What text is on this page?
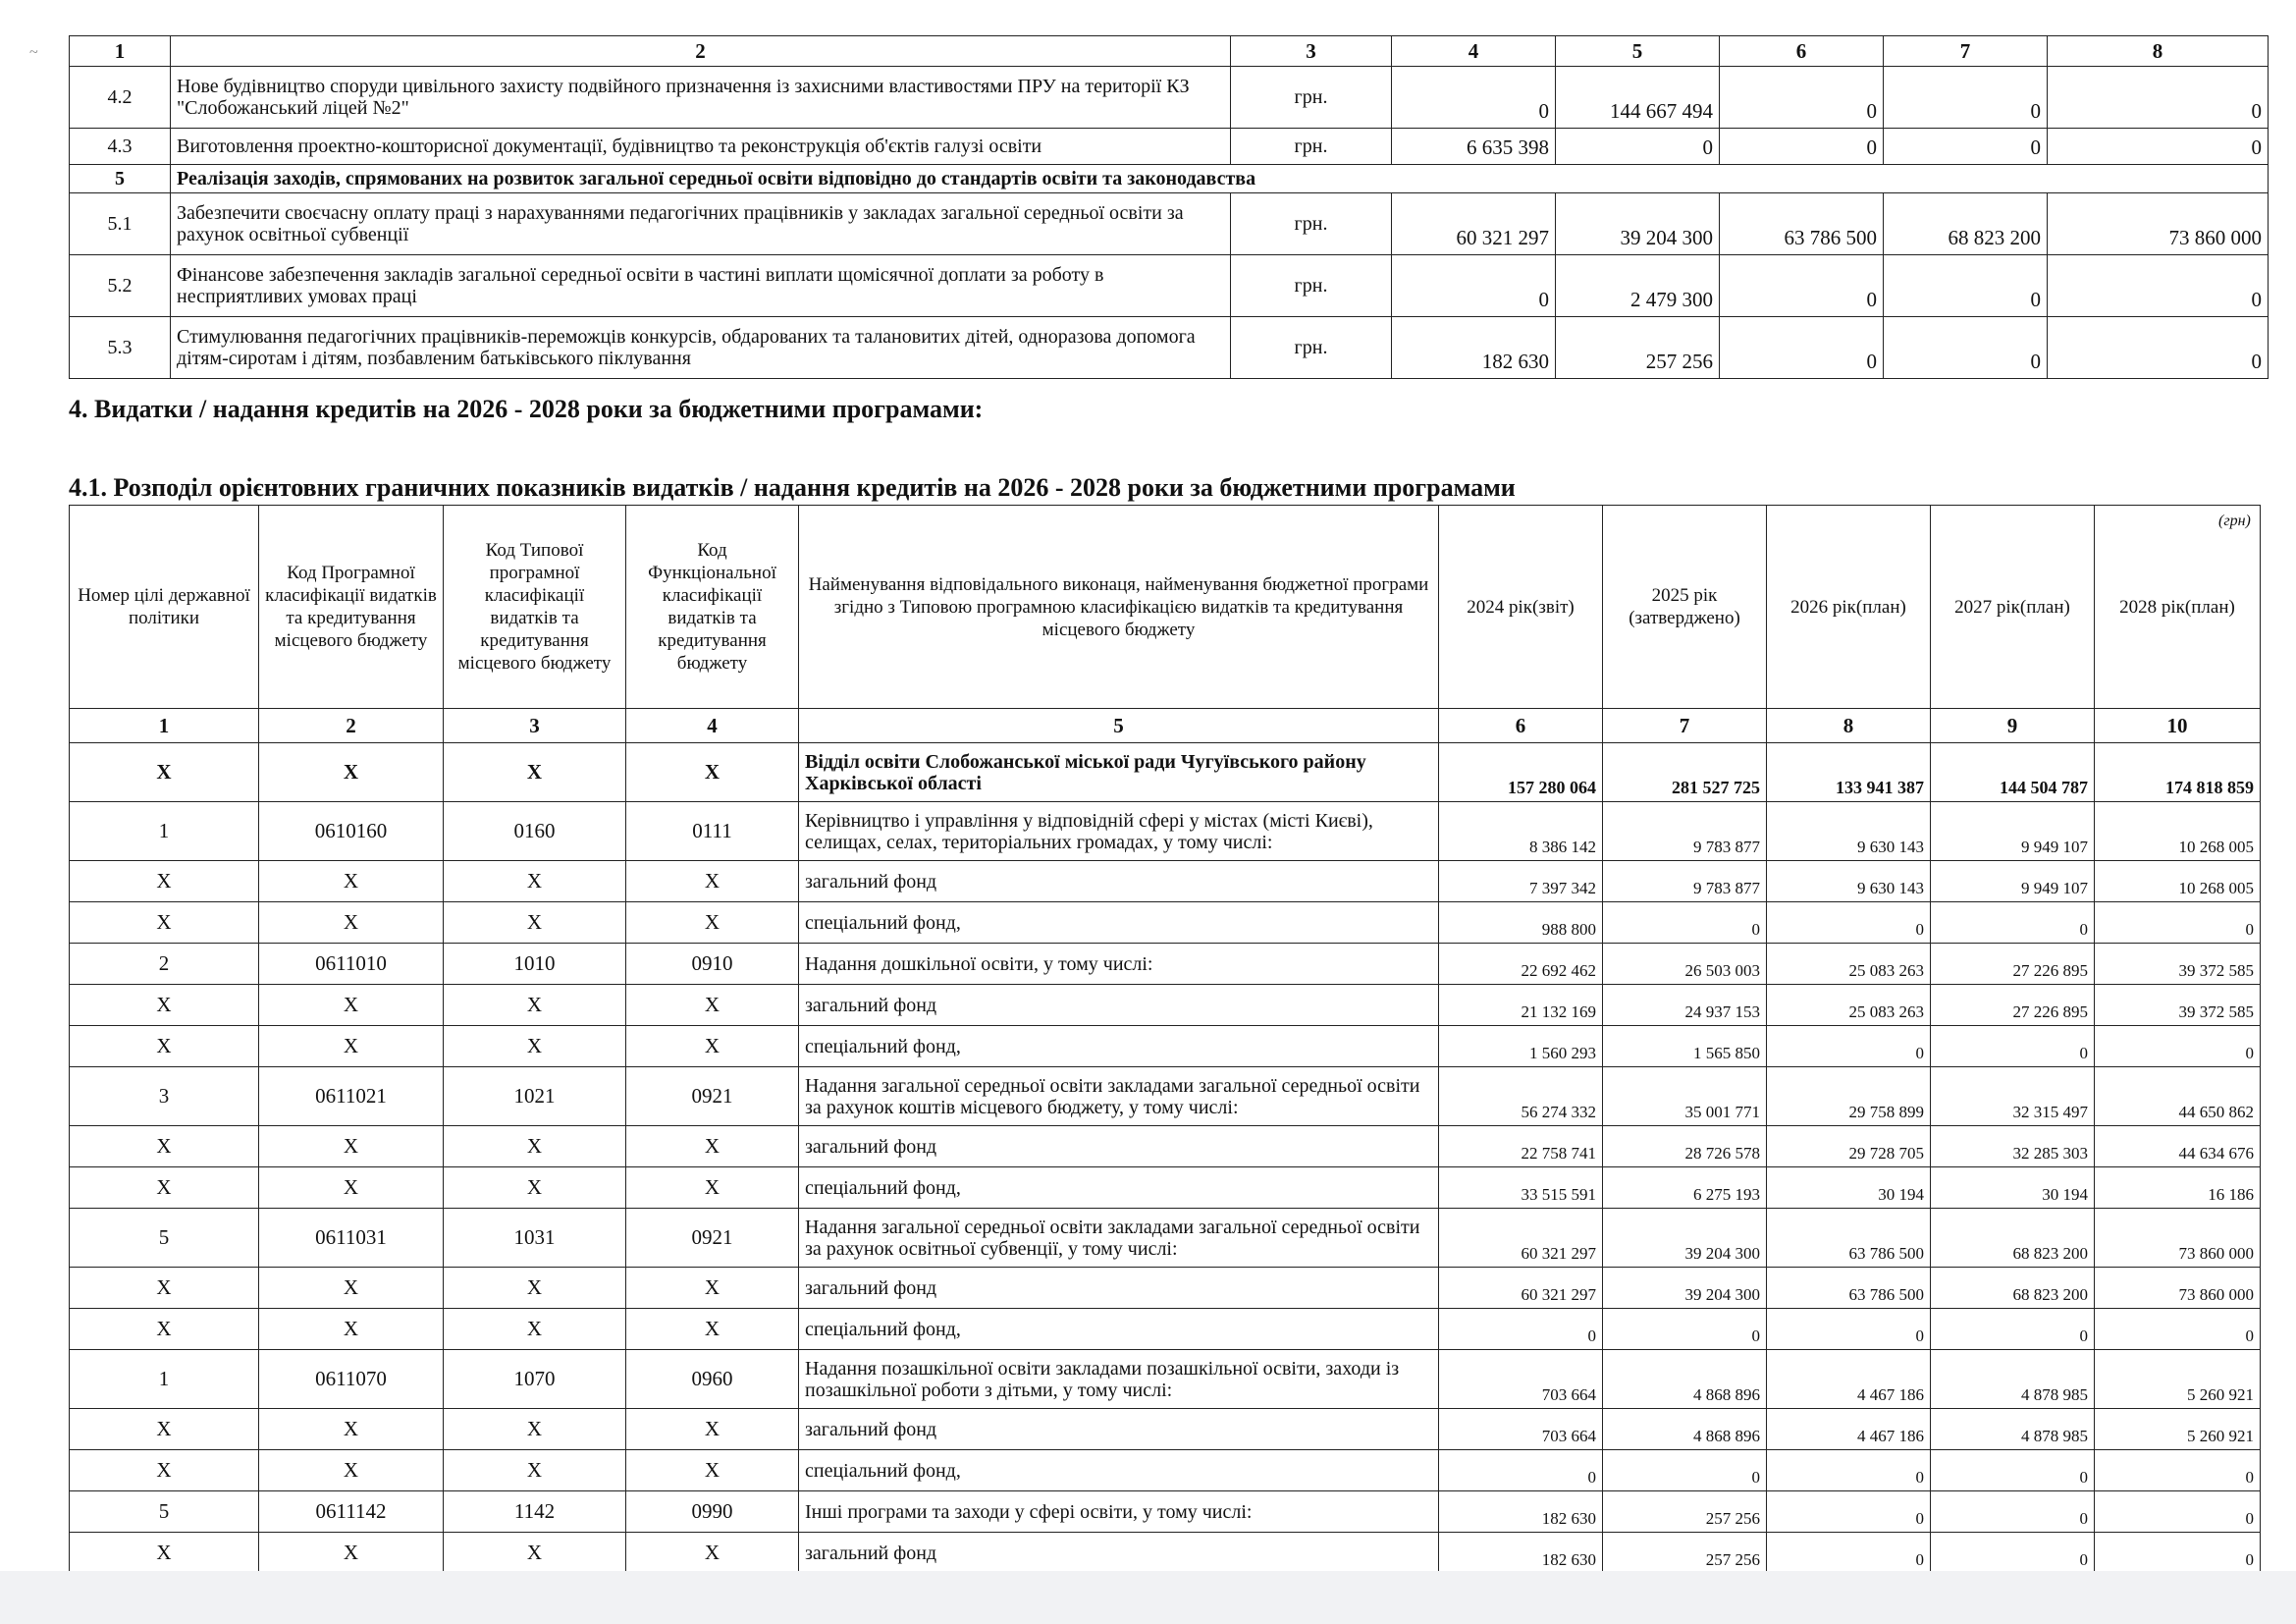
~	1	2	3	4	5	6	7	8
4.2	Нове будівництво споруди цивільного захисту подвійного призначення із захисними властивостями ПРУ на території КЗ "Слобожанський ліцей №2"	грн.	0	144 667 494	0	0	0
4.3	Виготовлення проектно-кошторисної документації, будівництво та реконструкція об'єктів галузі освіти	грн.	6 635 398	0	0	0	0
5	Реалізація заходів, спрямованих на розвиток загальної середньої освіти відповідно до стандартів освіти та законодавства						
5.1	Забезпечити своєчасну оплату праці з нарахуваннями педагогічних працівників у закладах загальної середньої освіти за рахунок освітньої субвенції	грн.	60 321 297	39 204 300	63 786 500	68 823 200	73 860 000
5.2	Фінансове забезпечення закладів загальної середньої освіти в частині виплати щомісячної доплати за роботу в несприятливих умовах праці	грн.	0	2 479 300	0	0	0
5.3	Стимулювання педагогічних працівників-переможців конкурсів, обдарованих та талановитих дітей, одноразова допомога дітям-сиротам і дітям, позбавленим батьківського піклування	грн.	182 630	257 256	0	0	0
4. Видатки / надання кредитів на 2026 - 2028 роки за бюджетними програмами:
4.1. Розподіл орієнтовних граничних показників видатків / надання кредитів на 2026 - 2028 роки за бюджетними програмами
(грн)
Номер цілі державної політики	Код Програмної класифікації видатків та кредитування місцевого бюджету	Код Типової програмної класифікації видатків та кредитування місцевого бюджету	Код Функціональної класифікації видатків та кредитування бюджету	Найменування відповідального виконаця, найменування бюджетної програми згідно з Типовою програмною класифікацією видатків та кредитування місцевого бюджету	2024 рік(звіт)	2025 рік (затверджено)	2026 рік(план)	2027 рік(план)	2028 рік(план)
1	2	3	4	5	6	7	8	9	10
Х	Х	Х	Х	Відділ освіти Слобожанської міської ради Чугуївського району Харківської області	157 280 064	281 527 725	133 941 387	144 504 787	174 818 859
1	0610160	0160	0111	Керівництво і управління у відповідній сфері у містах (місті Києві), селищах, селах, територіальних громадах, у тому числі:	8 386 142	9 783 877	9 630 143	9 949 107	10 268 005
Х	Х	Х	Х	загальний фонд	7 397 342	9 783 877	9 630 143	9 949 107	10 268 005
Х	Х	Х	Х	спеціальний фонд,	988 800	0	0	0	0
2	0611010	1010	0910	Надання дошкільної освіти, у тому числі:	22 692 462	26 503 003	25 083 263	27 226 895	39 372 585
Х	Х	Х	Х	загальний фонд	21 132 169	24 937 153	25 083 263	27 226 895	39 372 585
Х	Х	Х	Х	спеціальний фонд,	1 560 293	1 565 850	0	0	0
3	0611021	1021	0921	Надання загальної середньої освіти закладами загальної середньої освіти за рахунок коштів місцевого бюджету, у тому числі:	56 274 332	35 001 771	29 758 899	32 315 497	44 650 862
Х	Х	Х	Х	загальний фонд	22 758 741	28 726 578	29 728 705	32 285 303	44 634 676
Х	Х	Х	Х	спеціальний фонд,	33 515 591	6 275 193	30 194	30 194	16 186
5	0611031	1031	0921	Надання загальної середньої освіти закладами загальної середньої освіти за рахунок освітньої субвенції, у тому числі:	60 321 297	39 204 300	63 786 500	68 823 200	73 860 000
Х	Х	Х	Х	загальний фонд	60 321 297	39 204 300	63 786 500	68 823 200	73 860 000
Х	Х	Х	Х	спеціальний фонд,	0	0	0	0	0
1	0611070	1070	0960	Надання позашкільної освіти закладами позашкільної освіти, заходи із позашкільної роботи з дітьми, у тому числі:	703 664	4 868 896	4 467 186	4 878 985	5 260 921
Х	Х	Х	Х	загальний фонд	703 664	4 868 896	4 467 186	4 878 985	5 260 921
Х	Х	Х	Х	спеціальний фонд,	0	0	0	0	0
5	0611142	1142	0990	Інші програми та заходи у сфері освіти, у тому числі:	182 630	257 256	0	0	0
Х	Х	Х	Х	загальний фонд	182 630	257 256	0	0	0
